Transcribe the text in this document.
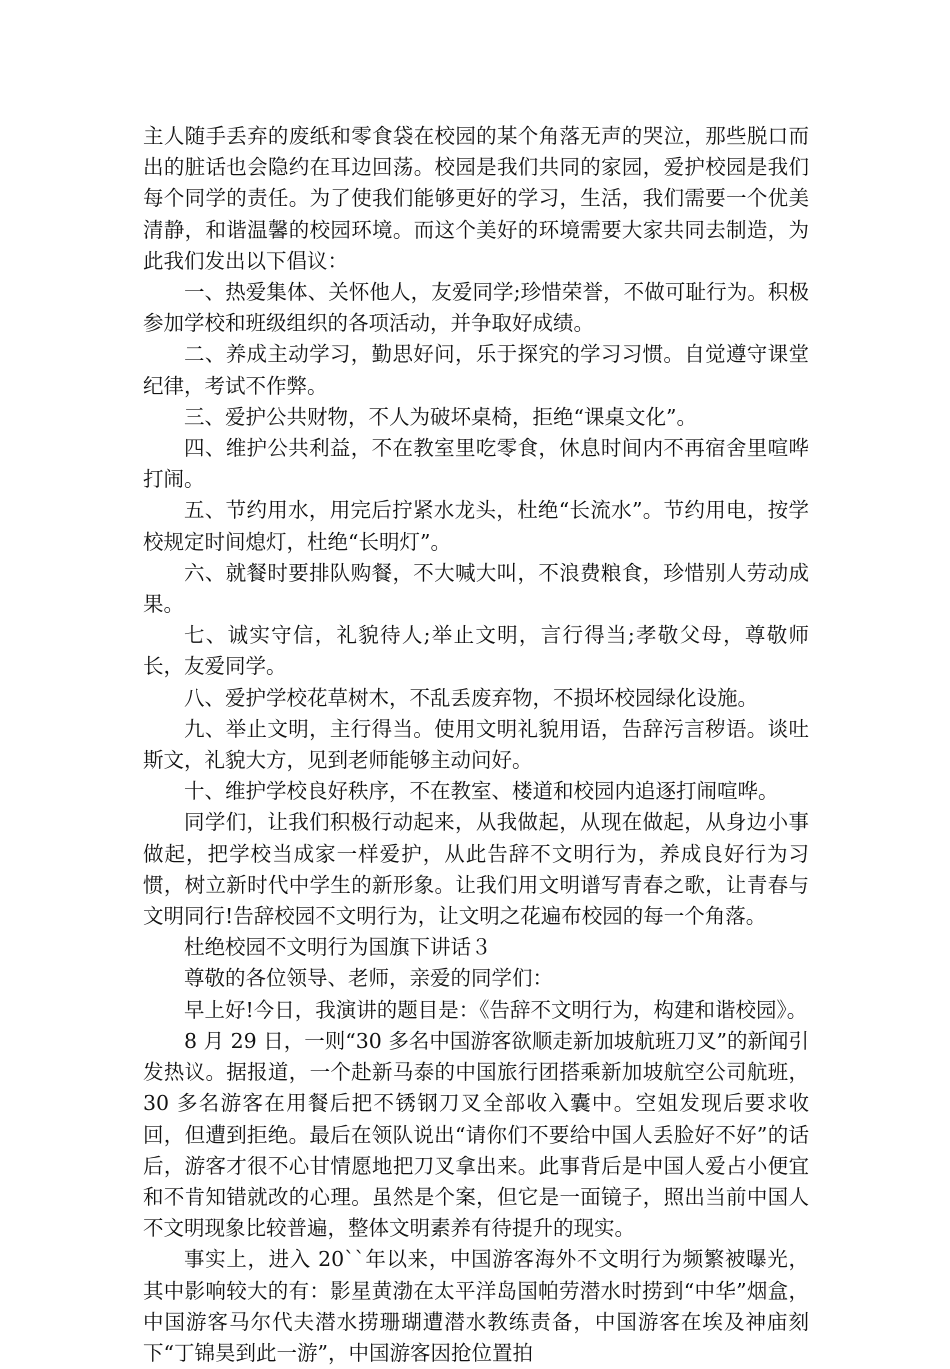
主人随手丢弃的废纸和零食袋在校园的某个角落无声的哭泣，那些脱口而出的脏话也会隐约在耳边回荡。校园是我们共同的家园，爱护校园是我们每个同学的责任。为了使我们能够更好的学习，生活，我们需要一个优美清静，和谐温馨的校园环境。而这个美好的环境需要大家共同去制造，为此我们发出以下倡议：

一、热爱集体、关怀他人，友爱同学;珍惜荣誉，不做可耻行为。积极参加学校和班级组织的各项活动，并争取好成绩。

二、养成主动学习，勤思好问，乐于探究的学习习惯。自觉遵守课堂纪律，考试不作弊。

三、爱护公共财物，不人为破坏桌椅，拒绝“课桌文化”。

四、维护公共利益，不在教室里吃零食，休息时间内不再宿舍里喧哗打闹。

五、节约用水，用完后拧紧水龙头，杜绝“长流水”。节约用电，按学校规定时间熄灯，杜绝“长明灯”。

六、就餐时要排队购餐，不大喊大叫，不浪费粮食，珍惜别人劳动成果。

七、诚实守信，礼貌待人;举止文明，言行得当;孝敬父母，尊敬师长，友爱同学。

八、爱护学校花草树木，不乱丢废弃物，不损坏校园绿化设施。

九、举止文明，主行得当。使用文明礼貌用语，告辞污言秽语。谈吐斯文，礼貌大方，见到老师能够主动问好。

十、维护学校良好秩序，不在教室、楼道和校园内追逐打闹喧哗。

同学们，让我们积极行动起来，从我做起，从现在做起，从身边小事做起，把学校当成家一样爱护，从此告辞不文明行为，养成良好行为习惯，树立新时代中学生的新形象。让我们用文明谱写青春之歌，让青春与文明同行!告辞校园不文明行为，让文明之花遍布校园的每一个角落。

杜绝校园不文明行为国旗下讲话３

尊敬的各位领导、老师，亲爱的同学们：

早上好!今日，我演讲的题目是：《告辞不文明行为，构建和谐校园》。

8 月 29 日，一则“30 多名中国游客欲顺走新加坡航班刀叉”的新闻引发热议。据报道，一个赴新马泰的中国旅行团搭乘新加坡航空公司航班，30 多名游客在用餐后把不锈钢刀叉全部收入囊中。空姐发现后要求收回，但遭到拒绝。最后在领队说出“请你们不要给中国人丢脸好不好”的话后，游客才很不心甘情愿地把刀叉拿出来。此事背后是中国人爱占小便宜和不肯知错就改的心理。虽然是个案，但它是一面镜子，照出当前中国人不文明现象比较普遍，整体文明素养有待提升的现实。

事实上，进入 20``年以来，中国游客海外不文明行为频繁被曝光，其中影响较大的有：影星黄渤在太平洋岛国帕劳潜水时捞到“中华”烟盒，中国游客马尔代夫潜水捞珊瑚遭潜水教练责备，中国游客在埃及神庙刻下“丁锦昊到此一游”，中国游客因抢位置拍
